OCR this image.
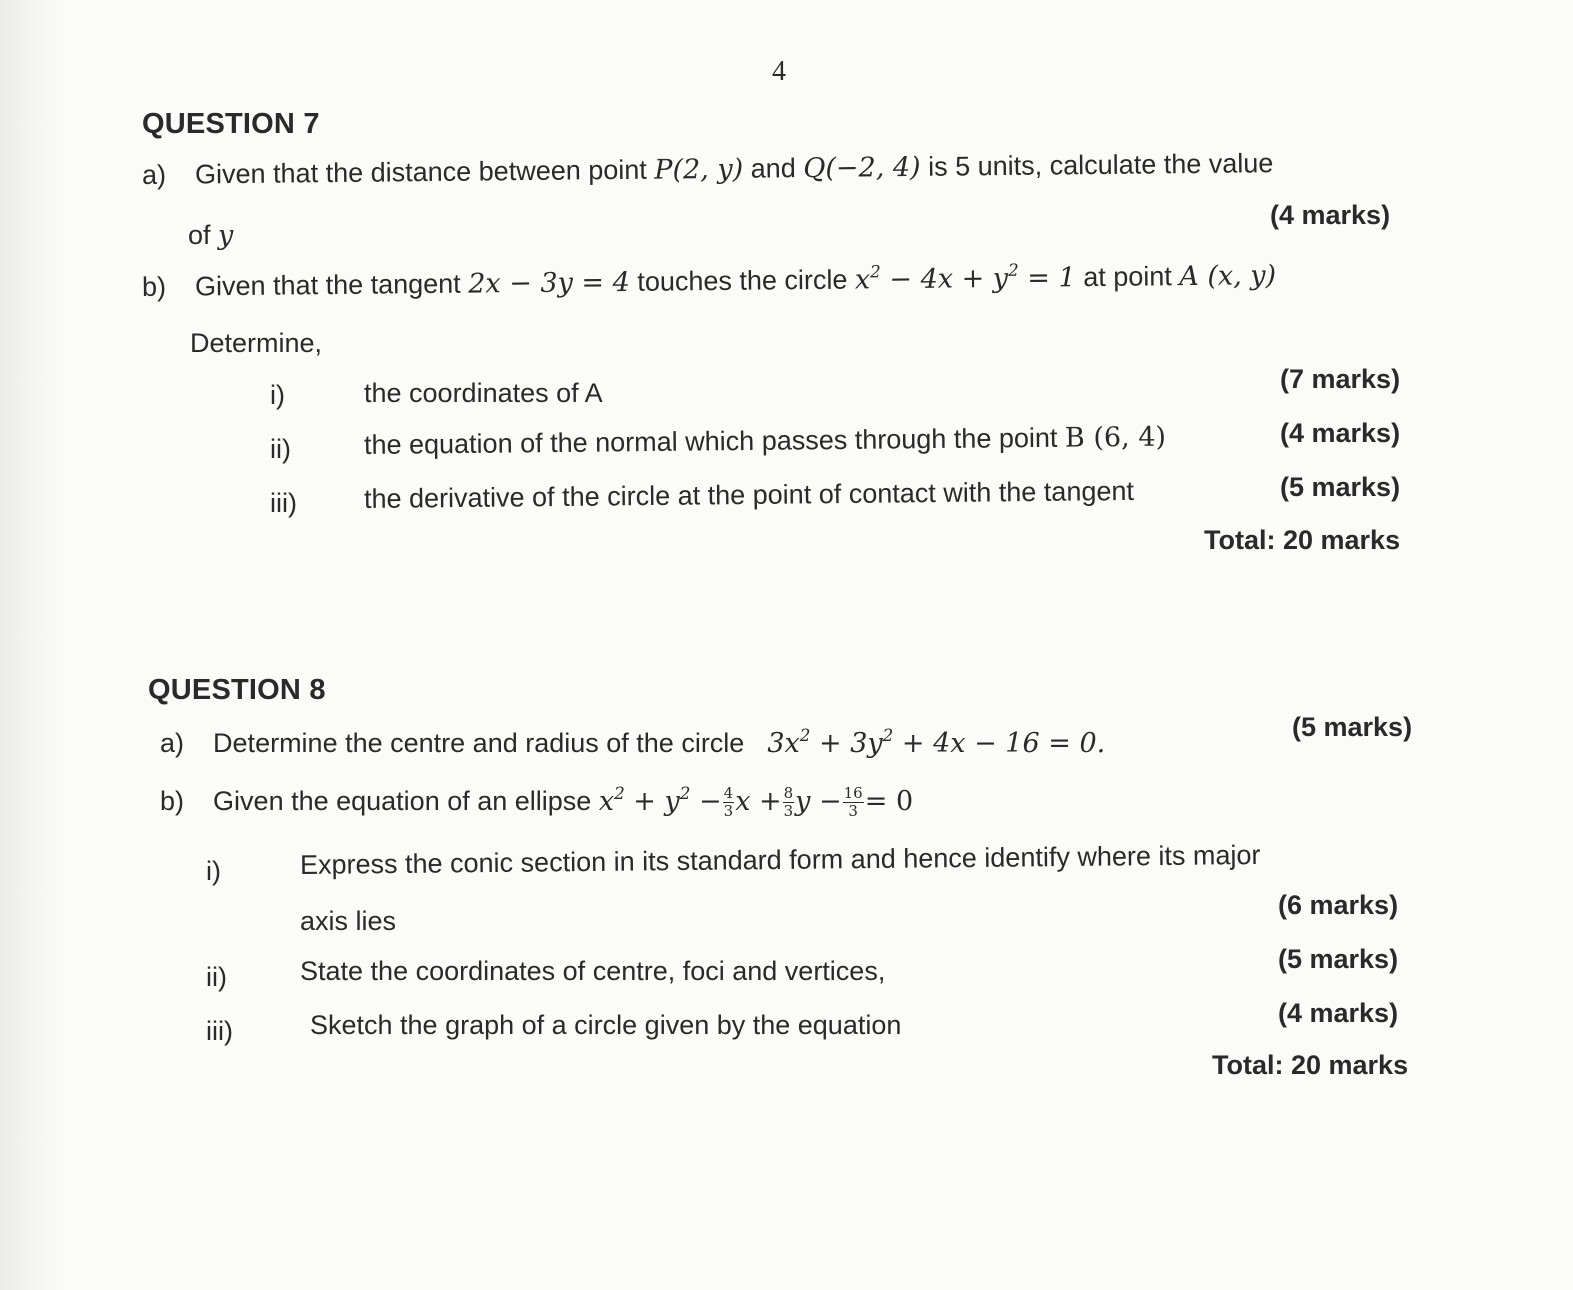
4
QUESTION 7
a) Given that the distance between point P(2, y) and Q(−2, 4) is 5 units, calculate the value
of y
(4 marks)
b) Given that the tangent 2x − 3y = 4 touches the circle $x^2 - 4x + y^2 = 1$ at point A (x, y)
Determine,
i)	the coordinates of A	(7 marks)
ii)	the equation of the normal which passes through the point B (6, 4)	(4 marks)
iii) the derivative of the circle at the point of contact with the tangent	(5 marks)
Total: 20 marks
QUESTION 8
a) Determine the centre and radius of the circle $3x^2 + 3y^2 + 4x - 16 = 0$.
(5 marks)
b) Given the equation of an ellipse $x^2 + y^2 - \frac{4}{3}$ $x + \frac{8}{3}$ $y - \frac{16}{3} = 0$
i)	Express the conic section in its standard form and hence identify where its major
axis lies
(6 marks)
ii)	State the coordinates of centre, foci and vertices,	(5 marks)
iii)	Sketch the graph of a circle given by the equation	(4 marks)
Total: 20 marks
